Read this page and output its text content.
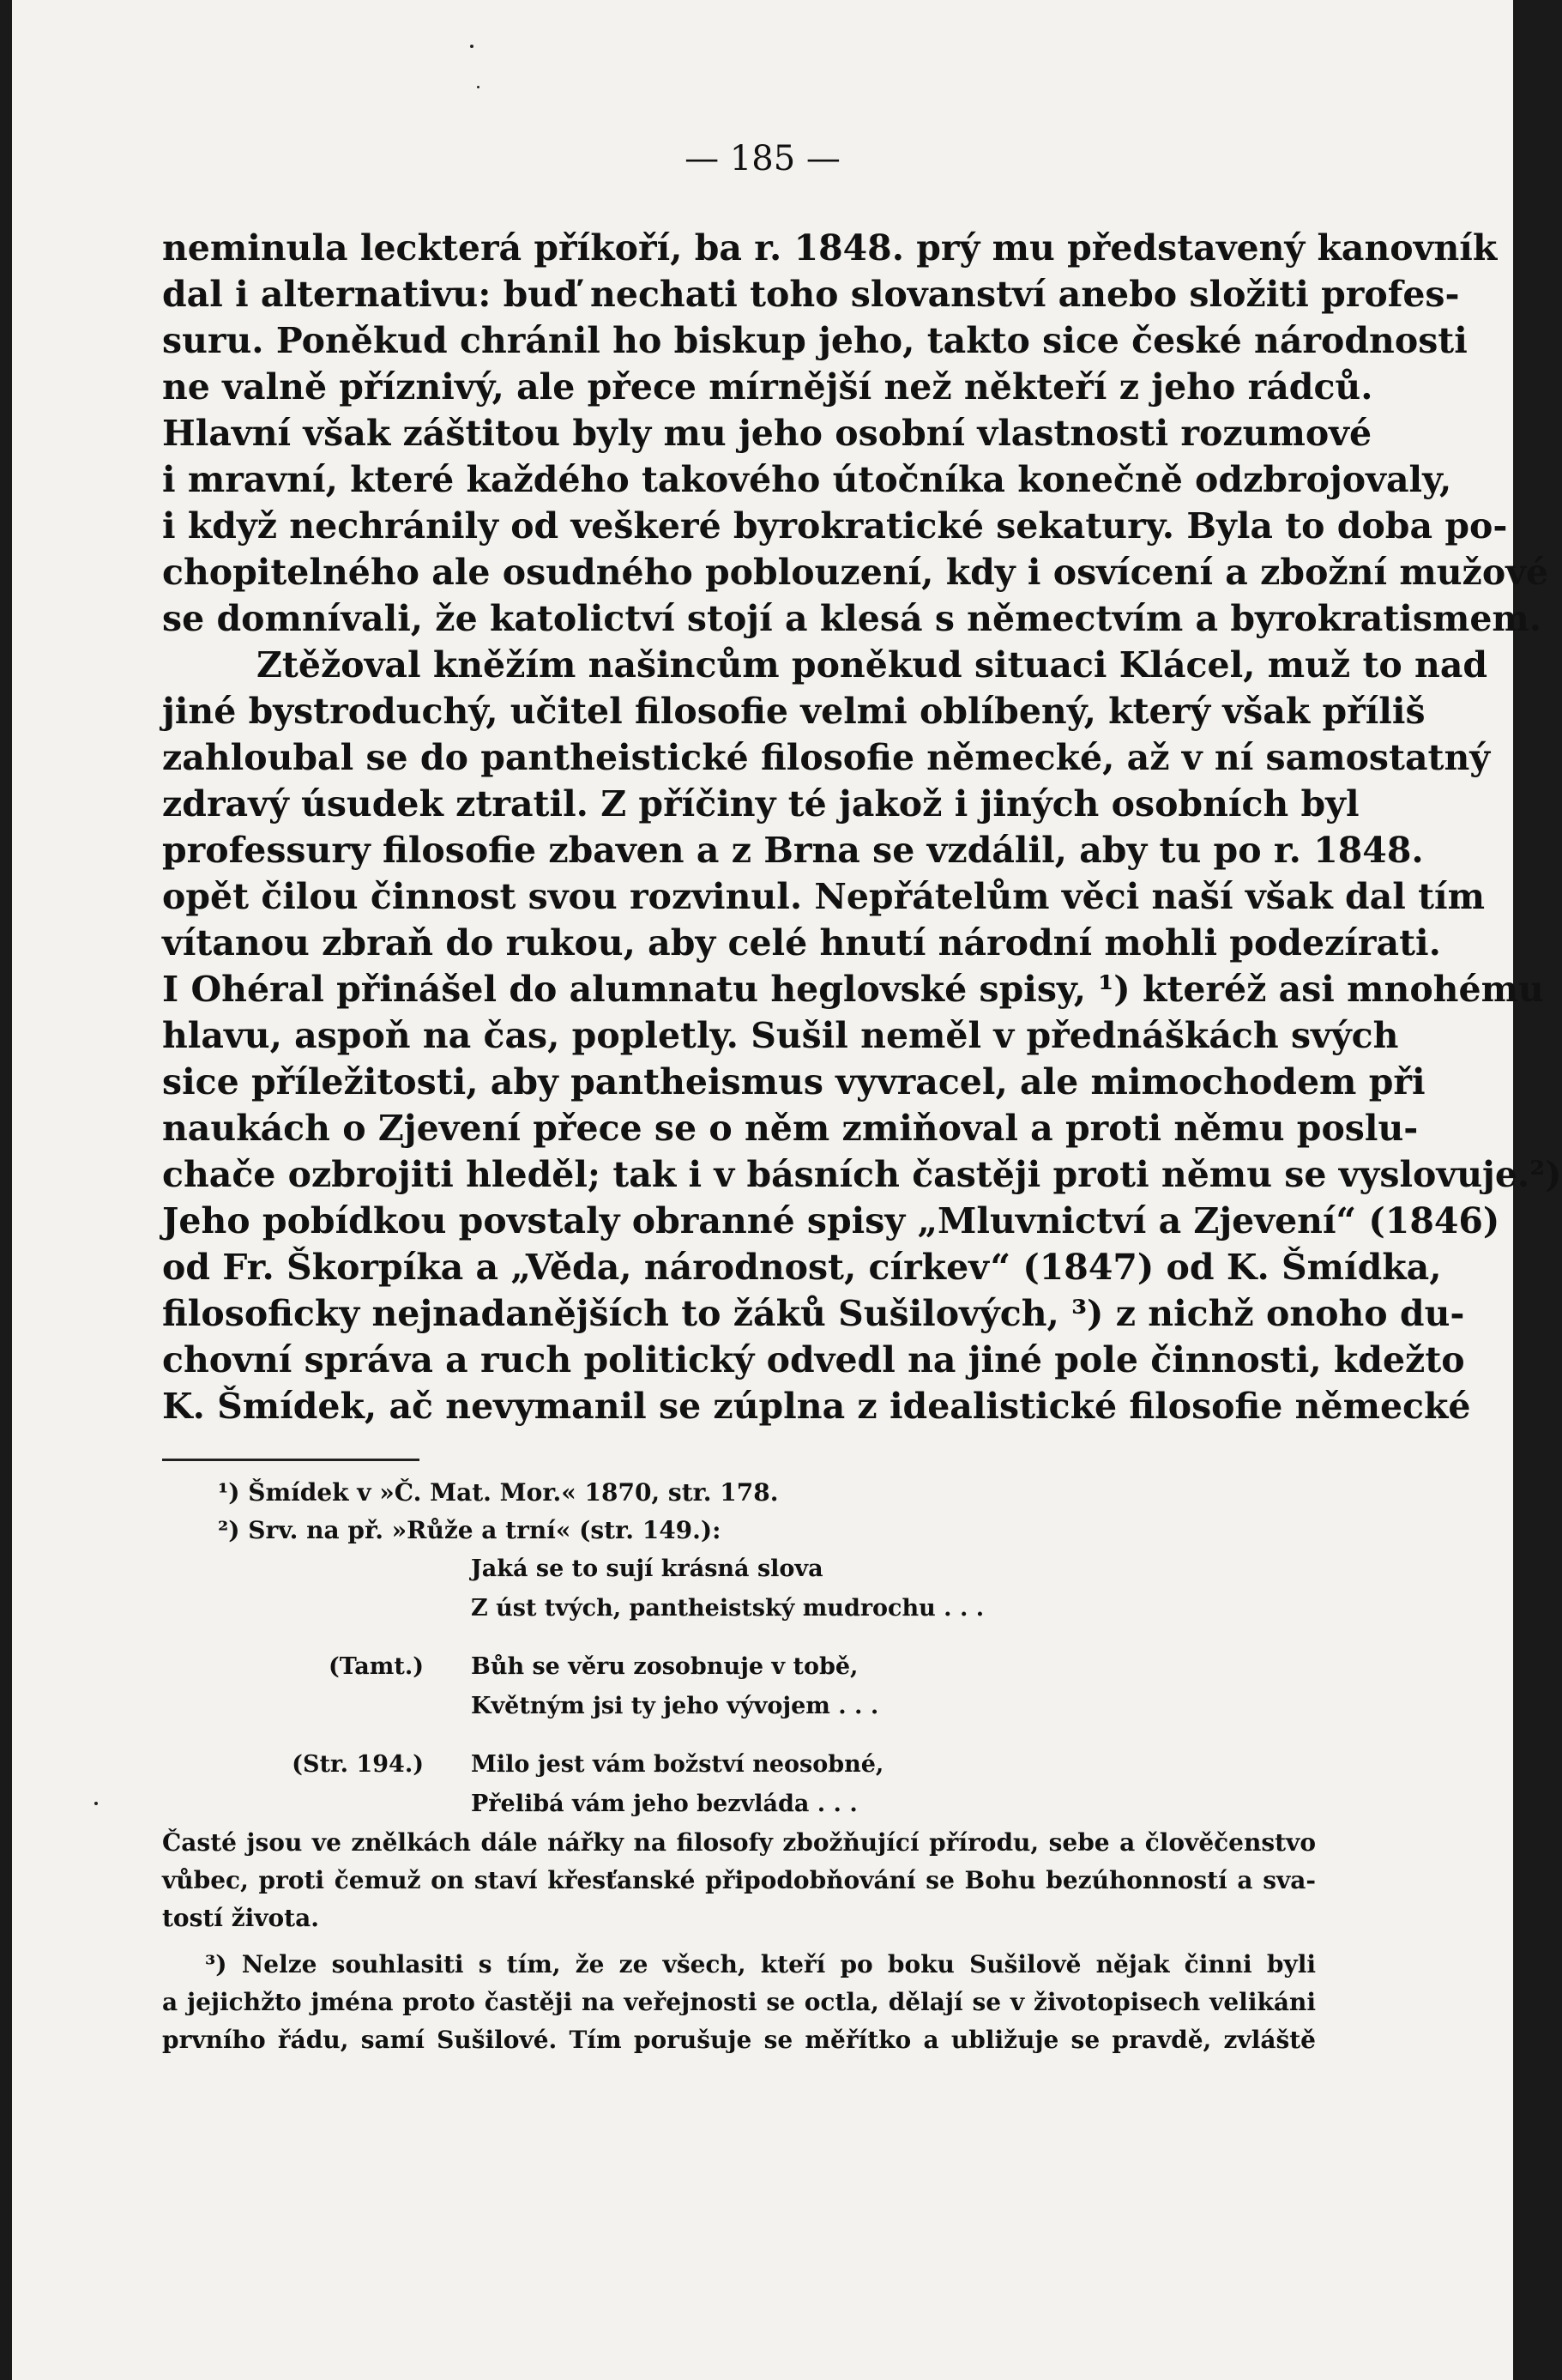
— 185 —
neminula leckterá příkoří, ba r. 1848. prý mu představený kanovník
dal i alternativu: buď nechati toho slovanství anebo složiti profes-
suru. Poněkud chránil ho biskup jeho, takto sice české národnosti
ne valně příznivý, ale přece mírnější než někteří z jeho rádců.
Hlavní však záštitou byly mu jeho osobní vlastnosti rozumové
i mravní, které každého takového útočníka konečně odzbrojovaly,
i když nechránily od veškeré byrokratické sekatury. Byla to doba po-
chopitelného ale osudného poblouzení, kdy i osvícení a zbožní mužové
se domnívali, že katolictví stojí a klesá s němectvím a byrokratismem.
Ztěžoval kněžím našincům poněkud situaci Klácel, muž to nad
jiné bystroduchý, učitel filosofie velmi oblíbený, který však příliš
zahloubal se do pantheistické filosofie německé, až v ní samostatný
zdravý úsudek ztratil. Z příčiny té jakož i jiných osobních byl
professury filosofie zbaven a z Brna se vzdálil, aby tu po r. 1848.
opět čilou činnost svou rozvinul. Nepřátelům věci naší však dal tím
vítanou zbraň do rukou, aby celé hnutí národní mohli podezírati.
I Ohéral přinášel do alumnatu heglovské spisy, ¹) kteréž asi mnohému
hlavu, aspoň na čas, popletly. Sušil neměl v přednáškách svých
sice příležitosti, aby pantheismus vyvracel, ale mimochodem při
naukách o Zjevení přece se o něm zmiňoval a proti němu poslu-
chače ozbrojiti hleděl; tak i v básních častěji proti němu se vyslovuje.²)
Jeho pobídkou povstaly obranné spisy „Mluvnictví a Zjevení“ (1846)
od Fr. Škorpíka a „Věda, národnost, církev“ (1847) od K. Šmídka,
filosoficky nejnadanějších to žáků Sušilových, ³) z nichž onoho du-
chovní správa a ruch politický odvedl na jiné pole činnosti, kdežto
K. Šmídek, ač nevymanil se zúplna z idealistické filosofie německé
¹) Šmídek v »Č. Mat. Mor.« 1870, str. 178.
²) Srv. na př. »Růže a trní« (str. 149.):
Jaká se to sují krásná slova
Z úst tvých, pantheistský mudrochu . . .
(Tamt.)	Bůh se věru zosobnuje v tobě,
Květným jsi ty jeho vývojem . . .
(Str. 194.)	Milo jest vám božství neosobné,
Přelibá vám jeho bezvláda . . .
Časté jsou ve znělkách dále nářky na filosofy zbožňující přírodu, sebe a člověčenstvo
vůbec, proti čemuž on staví křesťanské připodobňování se Bohu bezúhonností a sva-
tostí života.
³) Nelze souhlasiti s tím, že ze všech, kteří po boku Sušilově nějak činni byli
a jejichžto jména proto častěji na veřejnosti se octla, dělají se v životopisech velikáni
prvního řádu, samí Sušilové. Tím porušuje se měřítko a ubližuje se pravdě, zvláště
